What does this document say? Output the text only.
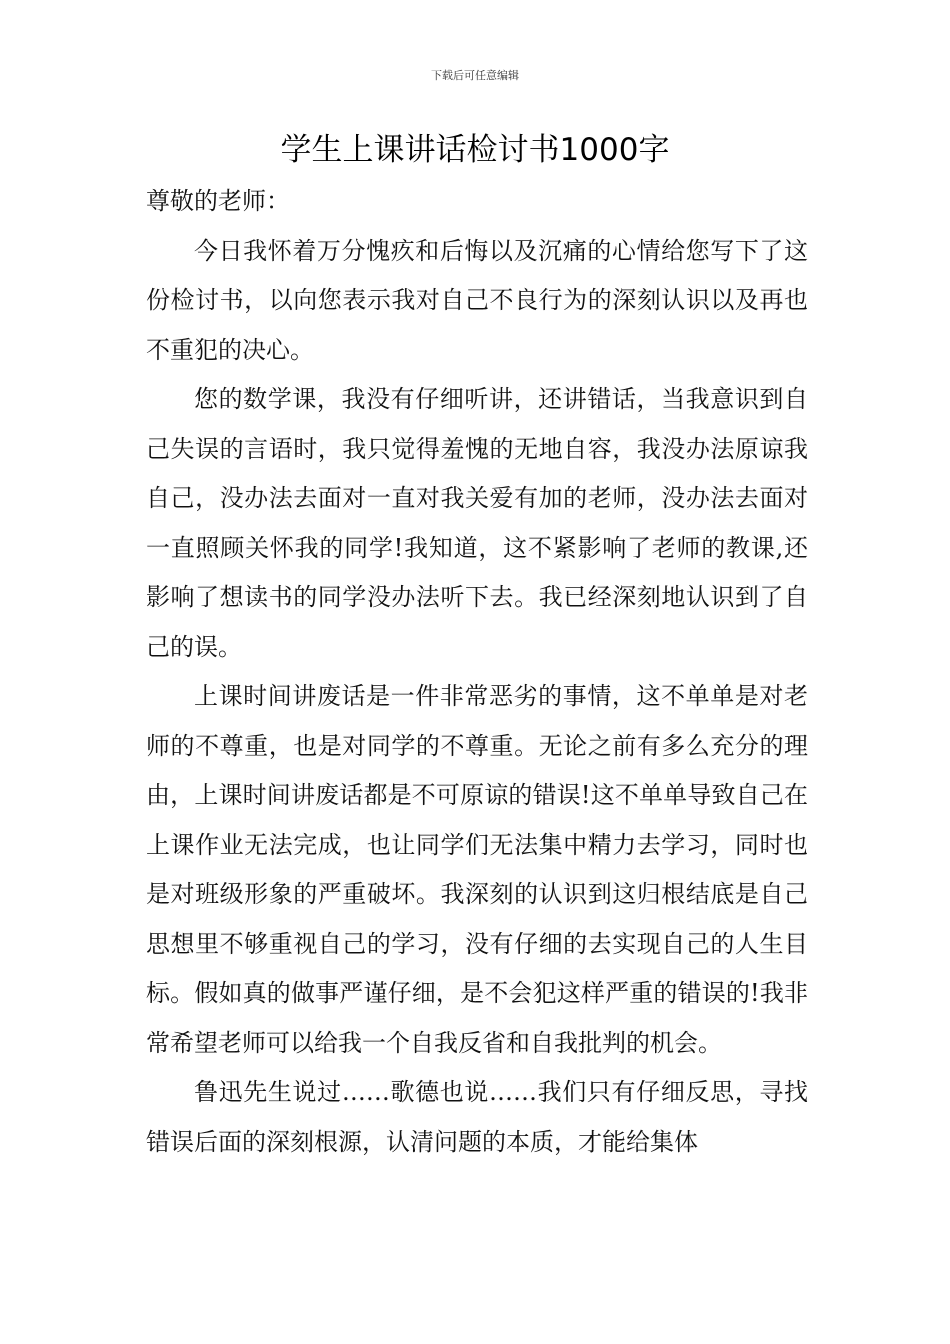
下载后可任意编辑
学生上课讲话检讨书1000字

尊敬的老师：

今日我怀着万分愧疚和后悔以及沉痛的心情给您写下了这份检讨书，以向您表示我对自己不良行为的深刻认识以及再也不重犯的决心。

您的数学课，我没有仔细听讲，还讲错话，当我意识到自己失误的言语时，我只觉得羞愧的无地自容，我没办法原谅我自己，没办法去面对一直对我关爱有加的老师，没办法去面对一直照顾关怀我的同学!我知道，这不紧影响了老师的教课,还影响了想读书的同学没办法听下去。我已经深刻地认识到了自己的误。

上课时间讲废话是一件非常恶劣的事情，这不单单是对老师的不尊重，也是对同学的不尊重。无论之前有多么充分的理由，上课时间讲废话都是不可原谅的错误!这不单单导致自己在上课作业无法完成，也让同学们无法集中精力去学习，同时也是对班级形象的严重破坏。我深刻的认识到这归根结底是自己思想里不够重视自己的学习，没有仔细的去实现自己的人生目标。假如真的做事严谨仔细，是不会犯这样严重的错误的!我非常希望老师可以给我一个自我反省和自我批判的机会。

鲁迅先生说过……歌德也说……我们只有仔细反思，寻找错误后面的深刻根源，认清问题的本质，才能给集体
